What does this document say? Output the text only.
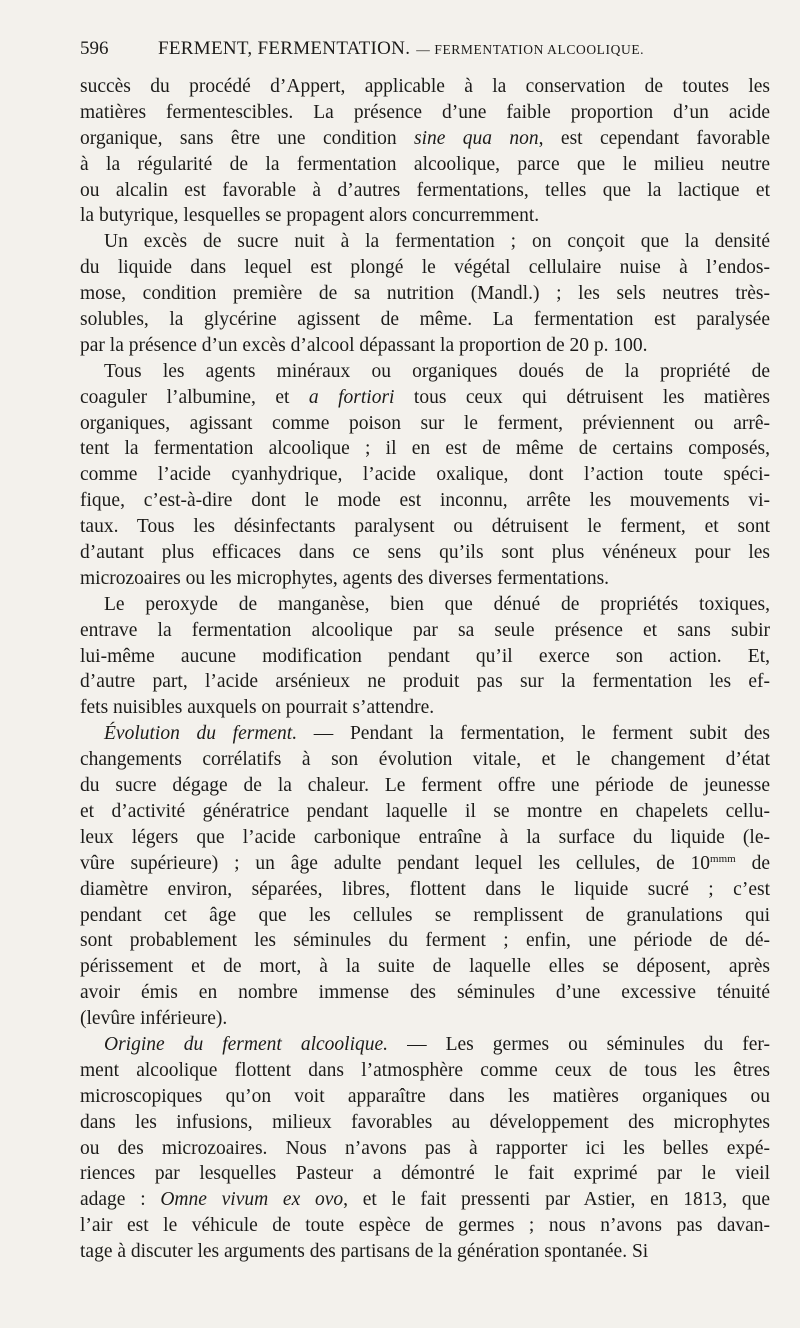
596	FERMENT, FERMENTATION. — FERMENTATION ALCOOLIQUE.
succès du procédé d’Appert, applicable à la conservation de toutes les
matières fermentescibles. La présence d’une faible proportion d’un acide
organique, sans être une condition sine qua non, est cependant favorable
à la régularité de la fermentation alcoolique, parce que le milieu neutre
ou alcalin est favorable à d’autres fermentations, telles que la lactique et
la butyrique, lesquelles se propagent alors concurremment.
Un excès de sucre nuit à la fermentation ; on conçoit que la densité
du liquide dans lequel est plongé le végétal cellulaire nuise à l’endos-
mose, condition première de sa nutrition (Mandl.) ; les sels neutres très-
solubles, la glycérine agissent de même. La fermentation est paralysée
par la présence d’un excès d’alcool dépassant la proportion de 20 p. 100.
Tous les agents minéraux ou organiques doués de la propriété de
coaguler l’albumine, et a fortiori tous ceux qui détruisent les matières
organiques, agissant comme poison sur le ferment, préviennent ou arrê-
tent la fermentation alcoolique ; il en est de même de certains composés,
comme l’acide cyanhydrique, l’acide oxalique, dont l’action toute spéci-
fique, c’est-à-dire dont le mode est inconnu, arrête les mouvements vi-
taux. Tous les désinfectants paralysent ou détruisent le ferment, et sont
d’autant plus efficaces dans ce sens qu’ils sont plus vénéneux pour les
microzoaires ou les microphytes, agents des diverses fermentations.
Le peroxyde de manganèse, bien que dénué de propriétés toxiques,
entrave la fermentation alcoolique par sa seule présence et sans subir
lui-même aucune modification pendant qu’il exerce son action. Et,
d’autre part, l’acide arsénieux ne produit pas sur la fermentation les ef-
fets nuisibles auxquels on pourrait s’attendre.
Évolution du ferment. — Pendant la fermentation, le ferment subit des
changements corrélatifs à son évolution vitale, et le changement d’état
du sucre dégage de la chaleur. Le ferment offre une période de jeunesse
et d’activité génératrice pendant laquelle il se montre en chapelets cellu-
leux légers que l’acide carbonique entraîne à la surface du liquide (le-
vûre supérieure) ; un âge adulte pendant lequel les cellules, de $10^{mmm}$ de
diamètre environ, séparées, libres, flottent dans le liquide sucré ; c’est
pendant cet âge que les cellules se remplissent de granulations qui
sont probablement les séminules du ferment ; enfin, une période de dé-
périssement et de mort, à la suite de laquelle elles se déposent, après
avoir émis en nombre immense des séminules d’une excessive ténuité
(levûre inférieure).
Origine du ferment alcoolique. — Les germes ou séminules du fer-
ment alcoolique flottent dans l’atmosphère comme ceux de tous les êtres
microscopiques qu’on voit apparaître dans les matières organiques ou
dans les infusions, milieux favorables au développement des microphytes
ou des microzoaires. Nous n’avons pas à rapporter ici les belles expé-
riences par lesquelles Pasteur a démontré le fait exprimé par le vieil
adage : Omne vivum ex ovo, et le fait pressenti par Astier, en 1813, que
l’air est le véhicule de toute espèce de germes ; nous n’avons pas davan-
tage à discuter les arguments des partisans de la génération spontanée. Si
